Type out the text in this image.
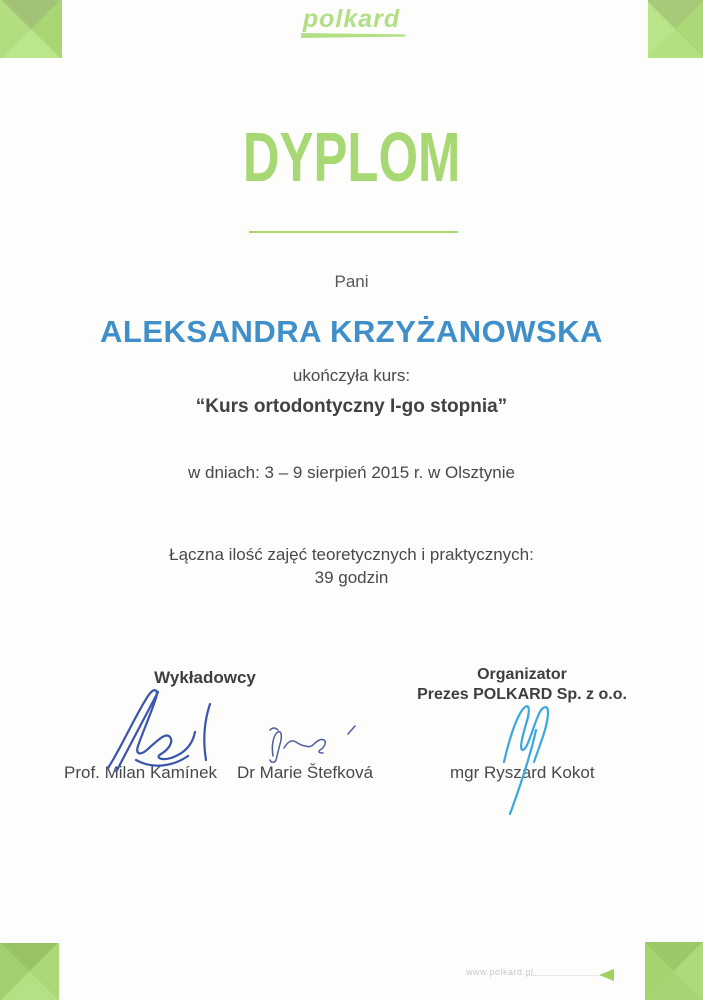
polkard
DYPLOM
Pani
ALEKSANDRA KRZYŻANOWSKA
ukończyła kurs:
“Kurs ortodontyczny I-go stopnia”
w dniach: 3 – 9 sierpień 2015 r. w Olsztynie
Łączna ilość zajęć teoretycznych i praktycznych:
39 godzin
Wykładowcy	Organizator
Prezes POLKARD Sp. z o.o.
Prof. Milan Kamínek Dr Marie Štefková	mgr Ryszard Kokot
www.polkard.pl
